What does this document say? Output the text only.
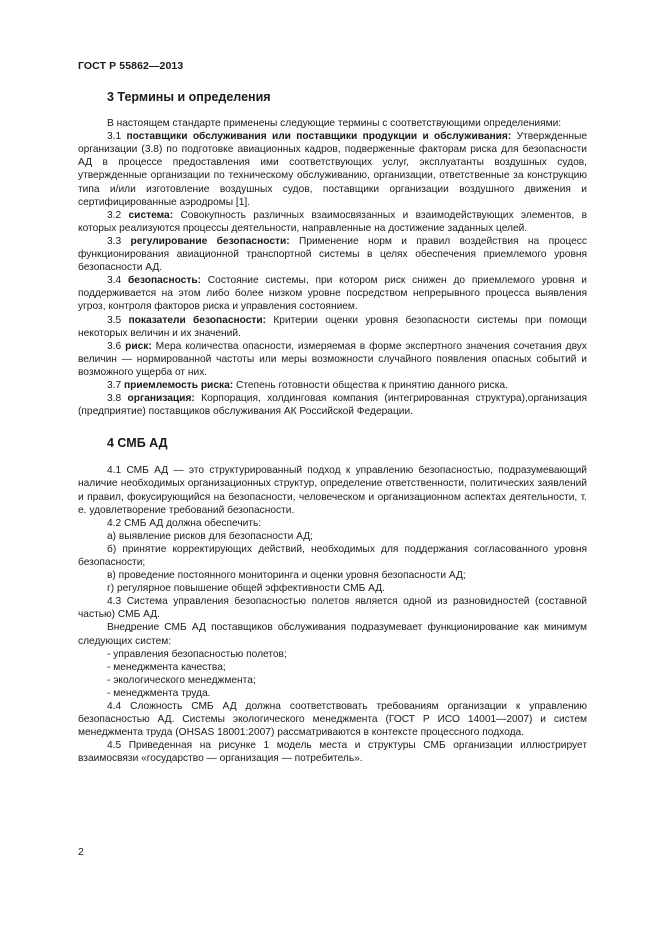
ГОСТ Р 55862—2013
3 Термины и определения

В настоящем стандарте применены следующие термины с соответствующими определениями:

3.1 поставщики обслуживания или поставщики продукции и обслуживания: Утвержденные организации (3.8) по подготовке авиационных кадров, подверженные факторам риска для безопасности АД в процессе предоставления ими соответствующих услуг, эксплуатанты воздушных судов, утвержденные организации по техническому обслуживанию, организации, ответственные за конструкцию типа и/или изготовление воздушных судов, поставщики организации воздушного движения и сертифицированные аэродромы [1].

3.2 система: Совокупность различных взаимосвязанных и взаимодействующих элементов, в которых реализуются процессы деятельности, направленные на достижение заданных целей.

3.3 регулирование безопасности: Применение норм и правил воздействия на процесс функционирования авиационной транспортной системы в целях обеспечения приемлемого уровня безопасности АД.

3.4 безопасность: Состояние системы, при котором риск снижен до приемлемого уровня и поддерживается на этом либо более низком уровне посредством непрерывного процесса выявления угроз, контроля факторов риска и управления состоянием.

3.5 показатели безопасности: Критерии оценки уровня безопасности системы при помощи некоторых величин и их значений.

3.6 риск: Мера количества опасности, измеряемая в форме экспертного значения сочетания двух величин — нормированной частоты или меры возможности случайного появления опасных событий и возможного ущерба от них.

3.7 приемлемость риска: Степень готовности общества к принятию данного риска.

3.8 организация: Корпорация, холдинговая компания (интегрированная структура),организация (предприятие) поставщиков обслуживания АК Российской Федерации.

4 СМБ АД

4.1 СМБ АД — это структурированный подход к управлению безопасностью, подразумевающий наличие необходимых организационных структур, определение ответственности, политических заявлений и правил, фокусирующийся на безопасности, человеческом и организационном аспектах деятельности, т. е. удовлетворение требований безопасности.

4.2 СМБ АД должна обеспечить:

а) выявление рисков для безопасности АД;

б) принятие корректирующих действий, необходимых для поддержания согласованного уровня безопасности;

в) проведение постоянного мониторинга и оценки уровня безопасности АД;

г) регулярное повышение общей эффективности СМБ АД.

4.3 Система управления безопасностью полетов является одной из разновидностей (составной частью) СМБ АД.

Внедрение СМБ АД поставщиков обслуживания подразумевает функционирование как минимум следующих систем:

- управления безопасностью полетов;

- менеджмента качества;

- экологического менеджмента;

- менеджмента труда.

4.4 Сложность СМБ АД должна соответствовать требованиям организации к управлению безопасностью АД. Системы экологического менеджмента (ГОСТ Р ИСО 14001—2007) и систем менеджмента труда (OHSAS 18001:2007) рассматриваются в контексте процессного подхода.

4.5 Приведенная на рисунке 1 модель места и структуры СМБ организации иллюстрирует взаимосвязи «государство — организация — потребитель».

2
